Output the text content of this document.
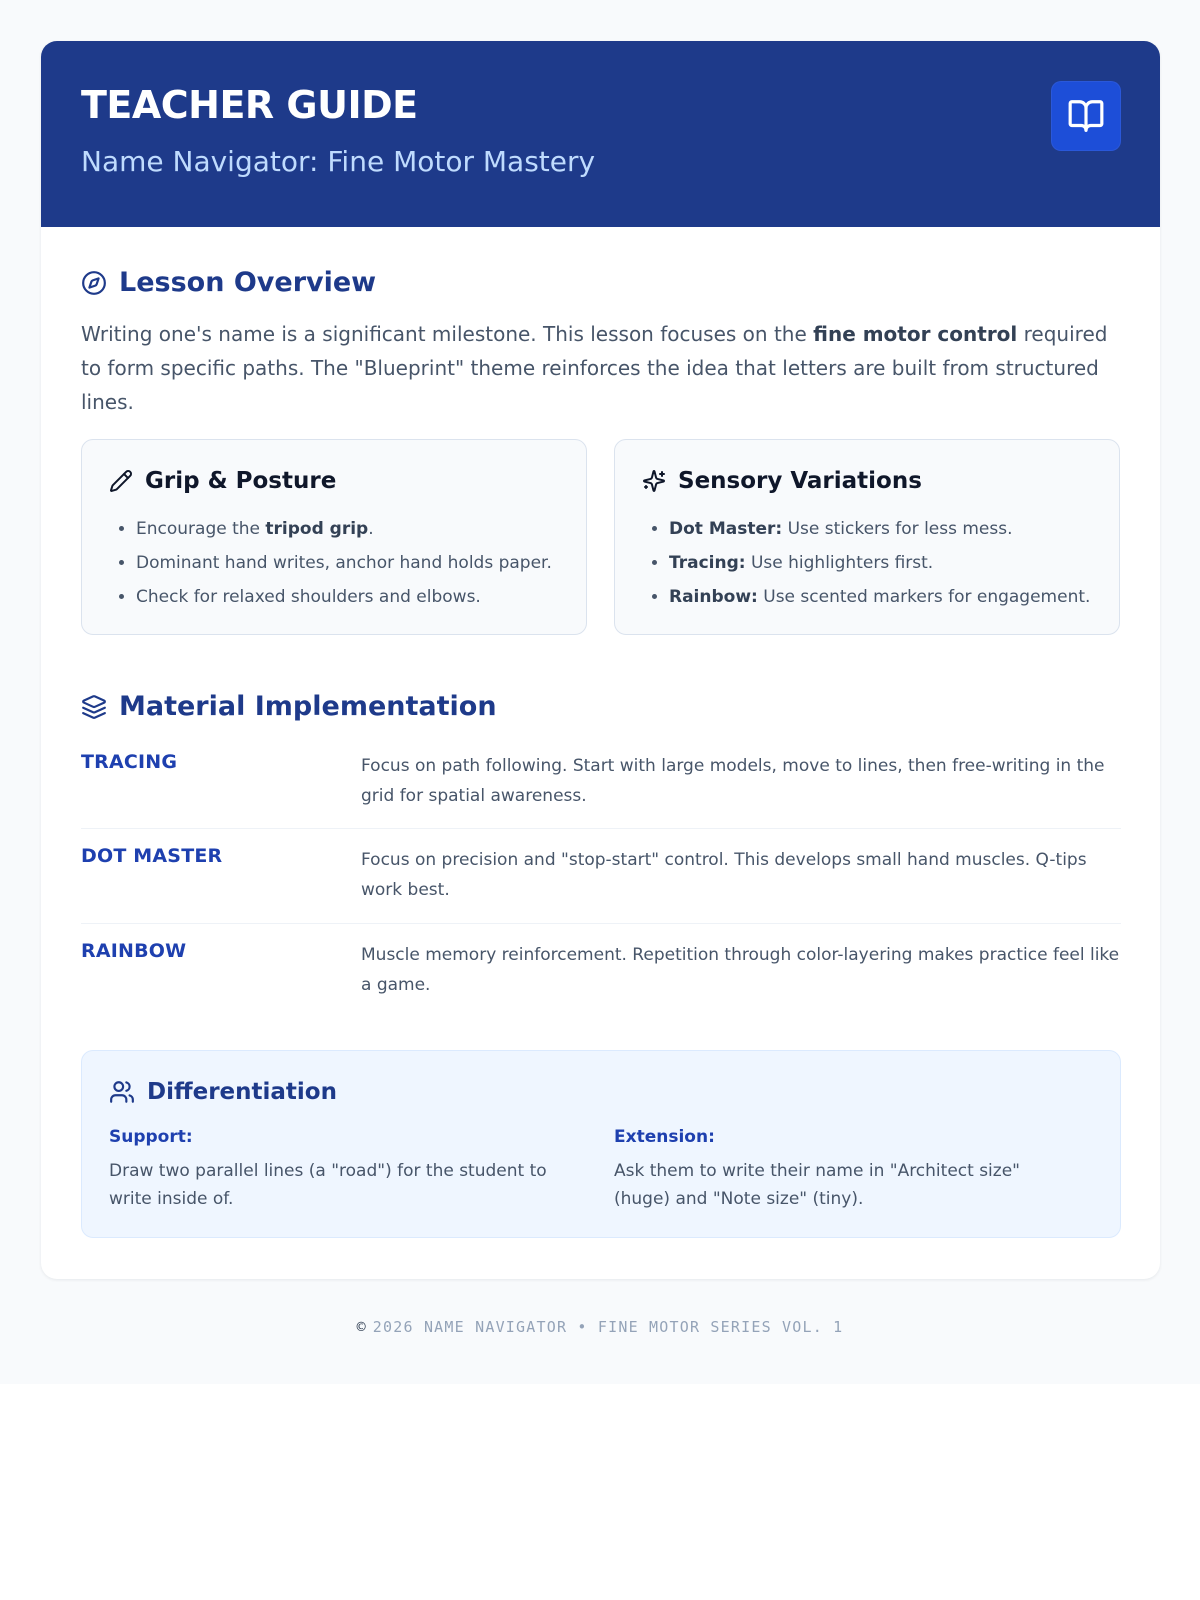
TEACHER GUIDE
Name Navigator: Fine Motor Mastery
Lesson Overview

Writing one's name is a significant milestone. This lesson focuses on the fine motor control required to form specific paths. The "Blueprint" theme reinforces the idea that letters are built from structured lines.

Grip & Posture
• Encourage the tripod grip.
• Dominant hand writes, anchor hand holds paper.
• Check for relaxed shoulders and elbows.
Sensory Variations
• Dot Master: Use stickers for less mess.
• Tracing: Use highlighters first.
• Rainbow: Use scented markers for engagement.
Material Implementation
TRACING	Focus on path following. Start with large models, move to lines, then free-writing in the grid for spatial awareness.
DOT MASTER	Focus on precision and "stop-start" control. This develops small hand muscles. Q-tips work best.
RAINBOW	Muscle memory reinforcement. Repetition through color-layering makes practice feel like a game.
Differentiation
Support:
Draw two parallel lines (a "road") for the student to write inside of.
Extension:
Ask them to write their name in "Architect size" (huge) and "Note size" (tiny).
© 2026 NAME NAVIGATOR • FINE MOTOR SERIES VOL. 1
